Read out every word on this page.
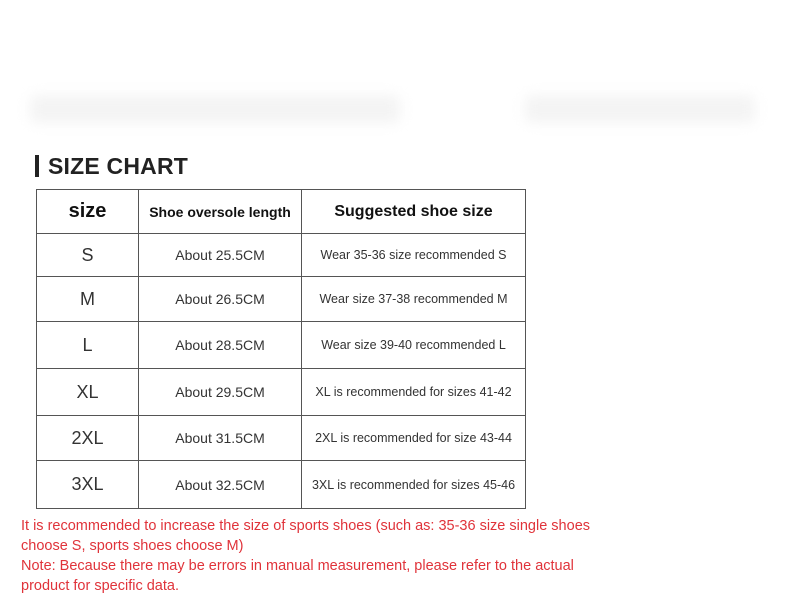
SIZE CHART
size	Shoe oversole length	Suggested shoe size
S	About 25.5CM	Wear 35-36 size recommended S
M	About 26.5CM	Wear size 37-38 recommended M
L	About 28.5CM	Wear size 39-40 recommended L
XL	About 29.5CM	XL is recommended for sizes 41-42
2XL	About 31.5CM	2XL is recommended for size 43-44
3XL	About 32.5CM	3XL is recommended for sizes 45-46

It is recommended to increase the size of sports shoes (such as: 35-36 size single shoes choose S, sports shoes choose M)

Note: Because there may be errors in manual measurement, please refer to the actual product for specific data.
